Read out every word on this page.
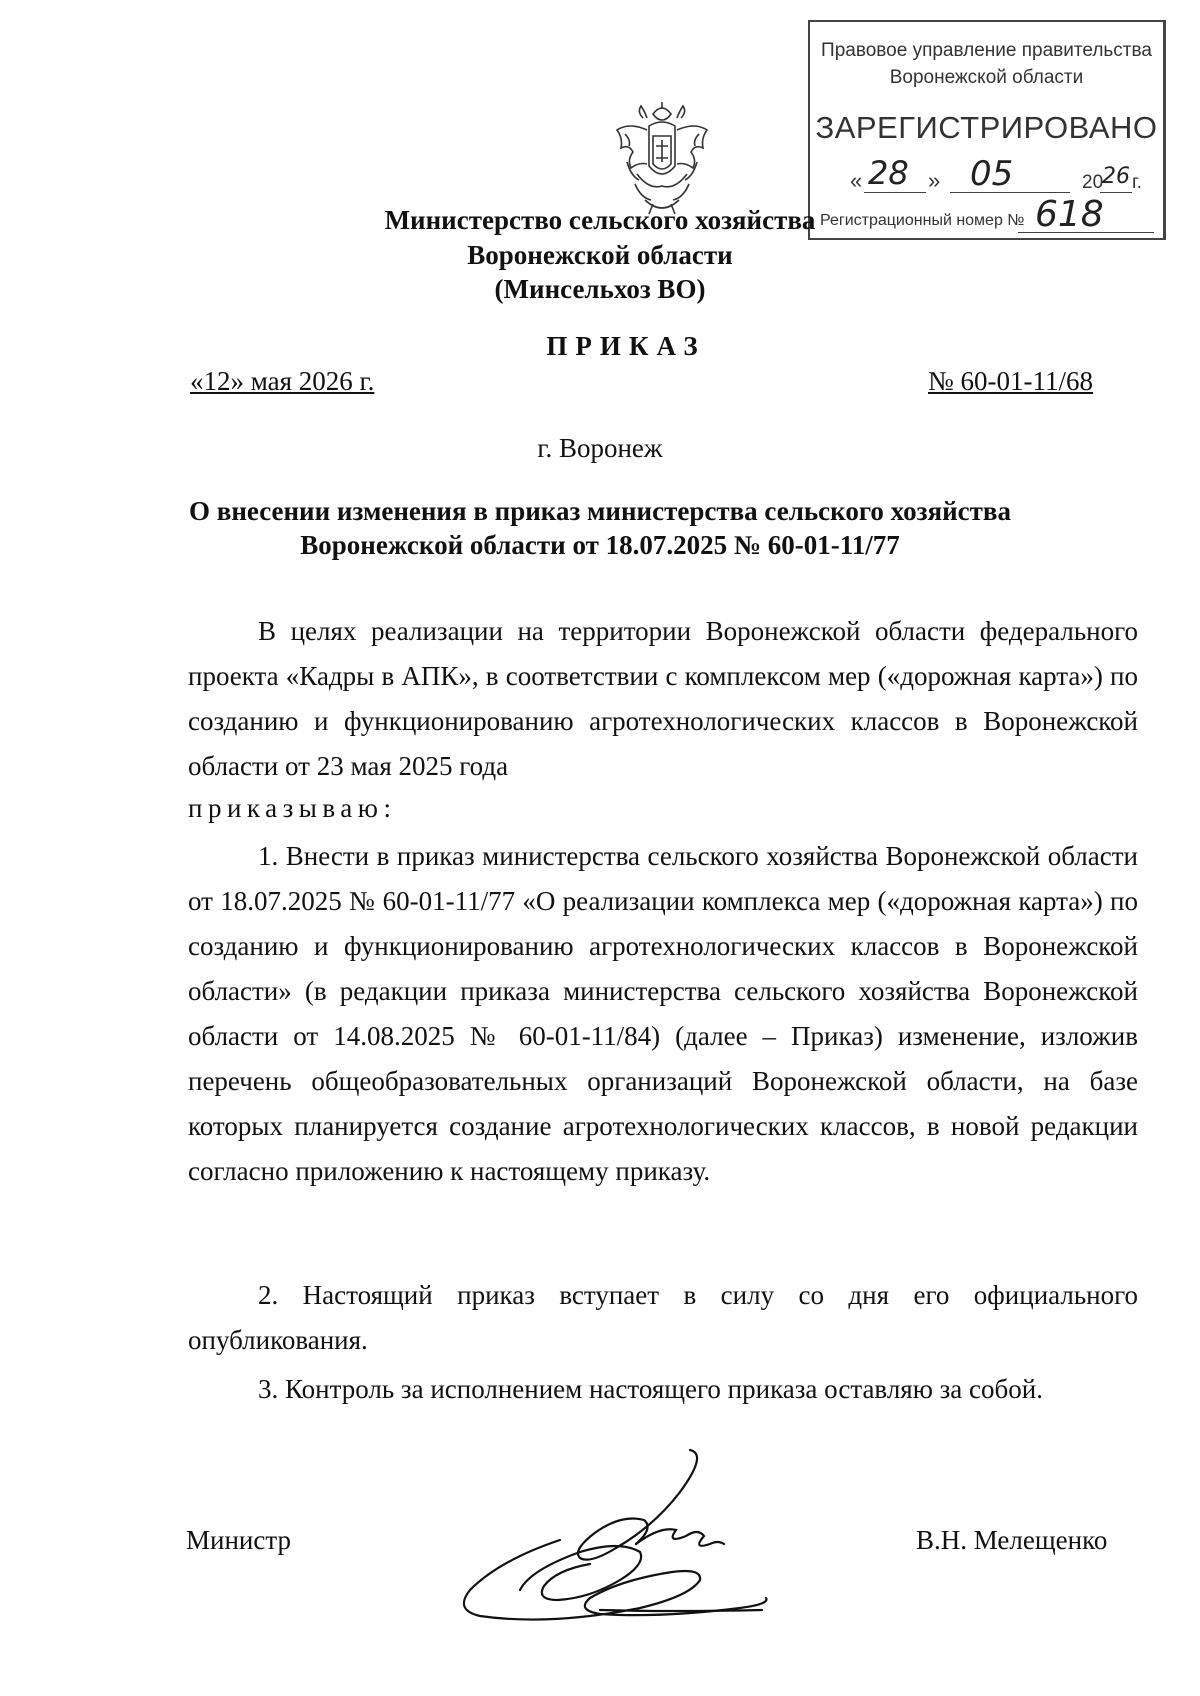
Правовое управление правительства
Воронежской области
ЗАРЕГИСТРИРОВАНО
« 28 » 05	20
26 г.
Регистрационный номер № 618
Министерство сельского хозяйства
Воронежской области
(Минсельхоз ВО)
ПРИКАЗ
«12» мая 2026 г.	№ 60-01-11/68
г. Воронеж
О внесении изменения в приказ министерства сельского хозяйства
Воронежской области от 18.07.2025 № 60-01-11/77
В целях реализации на территории Воронежской области федерального проекта «Кадры в АПК», в соответствии с комплексом мер («дорожная карта») по созданию и функционированию агротехнологических классов в Воронежской области от 23 мая 2025 года
приказываю:
1. Внести в приказ министерства сельского хозяйства Воронежской области от 18.07.2025 № 60-01-11/77 «О реализации комплекса мер («дорожная карта») по созданию и функционированию агротехнологических классов в Воронежской области» (в редакции приказа министерства сельского хозяйства Воронежской области от 14.08.2025 № 60-01-11/84) (далее – Приказ) изменение, изложив перечень общеобразовательных организаций Воронежской области, на базе которых планируется создание агротехнологических классов, в новой редакции согласно приложению к настоящему приказу.
2. Настоящий приказ вступает в силу со дня его официального опубликования.
3. Контроль за исполнением настоящего приказа оставляю за собой.
Министр	В.Н. Мелещенко
